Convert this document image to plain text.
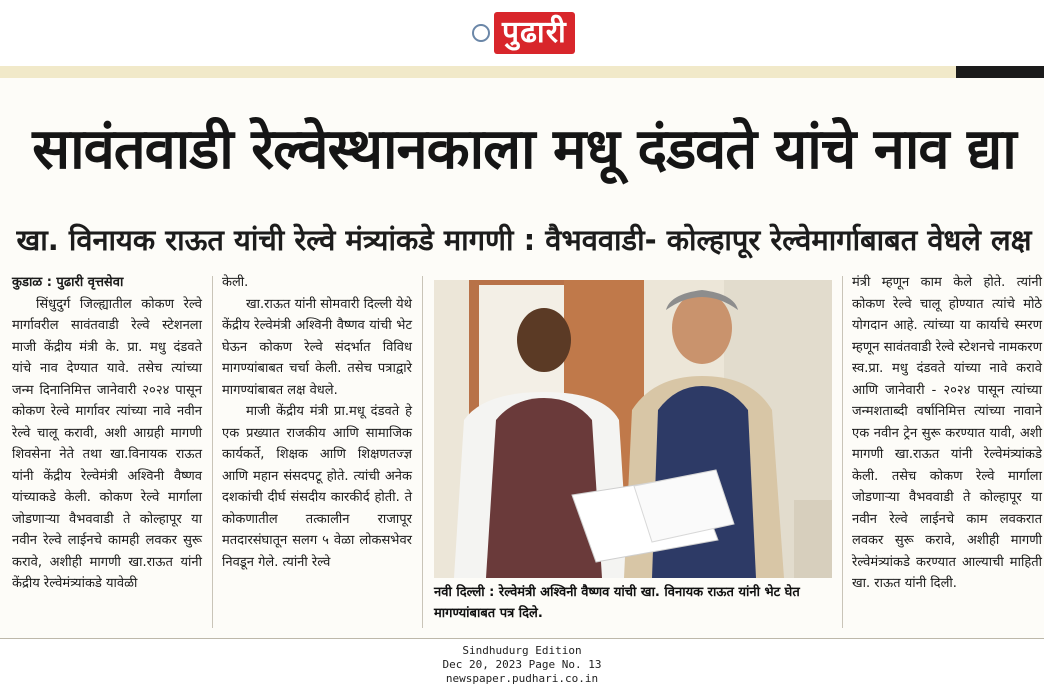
पुढारी
सावंतवाडी रेल्वेस्थानकाला मधू दंडवते यांचे नाव द्या
खा. विनायक राऊत यांची रेल्वे मंत्र्यांकडे मागणी : वैभववाडी- कोल्हापूर रेल्वेमार्गाबाबत वेधले लक्ष
कुडाळ : पुढारी वृत्तसेवा

सिंधुदुर्ग जिल्ह्यातील कोकण रेल्वे मार्गावरील सावंतवाडी रेल्वे स्टेशनला माजी केंद्रीय मंत्री के. प्रा. मधु दंडवते यांचे नाव देण्यात यावे. तसेच त्यांच्या जन्म दिनानिमित्त जानेवारी २०२४ पासून कोकण रेल्वे मार्गावर त्यांच्या नावे नवीन रेल्वे चालू करावी, अशी आग्रही मागणी शिवसेना नेते तथा खा.विनायक राऊत यांनी केंद्रीय रेल्वेमंत्री अश्विनी वैष्णव यांच्याकडे केली. कोकण रेल्वे मार्गाला जोडणाऱ्या वैभववाडी ते कोल्हापूर या नवीन रेल्वे लाईनचे कामही लवकर सुरू करावे, अशीही मागणी खा.राऊत यांनी केंद्रीय रेल्वेमंत्र्यांकडे यावेळी

केली.

खा.राऊत यांनी सोमवारी दिल्ली येथे केंद्रीय रेल्वेमंत्री अश्विनी वैष्णव यांची भेट घेऊन कोकण रेल्वे संदर्भात विविध मागण्यांबाबत चर्चा केली. तसेच पत्राद्वारे मागण्यांबाबत लक्ष वेधले.

माजी केंद्रीय मंत्री प्रा.मधू दंडवते हे एक प्रख्यात राजकीय आणि सामाजिक कार्यकर्ते, शिक्षक आणि शिक्षणतज्ज्ञ आणि महान संसदपटू होते. त्यांची अनेक दशकांची दीर्घ संसदीय कारकीर्द होती. ते कोकणातील तत्कालीन राजापूर मतदारसंघातून सलग ५ वेळा लोकसभेवर निवडून गेले. त्यांनी रेल्वे

नवी दिल्ली : रेल्वेमंत्री अश्विनी वैष्णव यांची खा. विनायक राऊत यांनी भेट घेत मागण्यांबाबत पत्र दिले.

मंत्री म्हणून काम केले होते. त्यांनी कोकण रेल्वे चालू होण्यात त्यांचे मोठे योगदान आहे. त्यांच्या या कार्याचे स्मरण म्हणून सावंतवाडी रेल्वे स्टेशनचे नामकरण स्व.प्रा. मधु दंडवते यांच्या नावे करावे आणि जानेवारी - २०२४ पासून त्यांच्या जन्मशताब्दी वर्षानिमित्त त्यांच्या नावाने एक नवीन ट्रेन सुरू करण्यात यावी, अशी मागणी खा.राऊत यांनी रेल्वेमंत्र्यांकडे केली. तसेच कोकण रेल्वे मार्गाला जोडणाऱ्या वैभववाडी ते कोल्हापूर या नवीन रेल्वे लाईनचे काम लवकरात लवकर सुरू करावे, अशीही मागणी रेल्वेमंत्र्यांकडे करण्यात आल्याची माहिती खा. राऊत यांनी दिली.

Sindhudurg Edition
Dec 20, 2023 Page No. 13
newspaper.pudhari.co.in
